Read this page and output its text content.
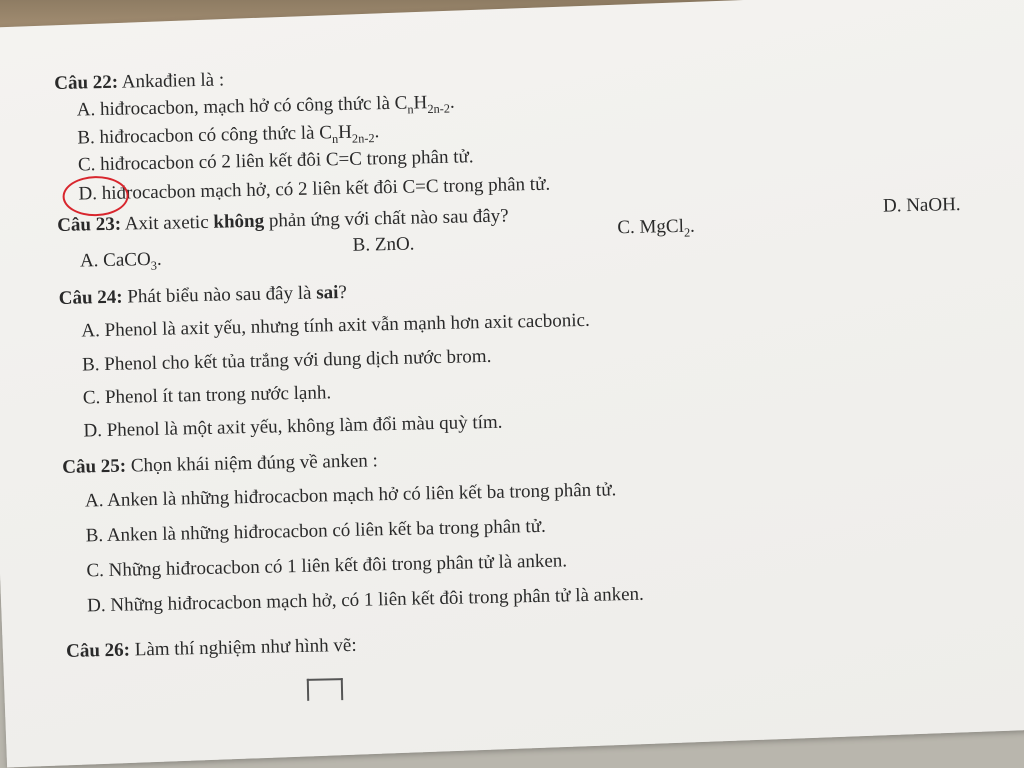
Câu 22: Ankađien là :
A. hiđrocacbon, mạch hở có công thức là $C_nH_{2n-2}$.
B. hiđrocacbon có công thức là $C_nH_{2n-2}$.
C. hiđrocacbon có 2 liên kết đôi C=C trong phân tử.
D. hiđrocacbon mạch hở, có 2 liên kết đôi C=C trong phân tử.
Câu 23: Axit axetic không phản ứng với chất nào sau đây?
A. CaCO$_3$.
B. ZnO.
C. MgCl$_2$.
D. NaOH.
Câu 24: Phát biểu nào sau đây là sai?
A. Phenol là axit yếu, nhưng tính axit vẫn mạnh hơn axit cacbonic.
B. Phenol cho kết tủa trắng với dung dịch nước brom.
C. Phenol ít tan trong nước lạnh.
D. Phenol là một axit yếu, không làm đổi màu quỳ tím.
Câu 25: Chọn khái niệm đúng về anken :
A. Anken là những hiđrocacbon mạch hở có liên kết ba trong phân tử.
B. Anken là những hiđrocacbon có liên kết ba trong phân tử.
C. Những hiđrocacbon có 1 liên kết đôi trong phân tử là anken.
D. Những hiđrocacbon mạch hở, có 1 liên kết đôi trong phân tử là anken.
Câu 26: Làm thí nghiệm như hình vẽ:
